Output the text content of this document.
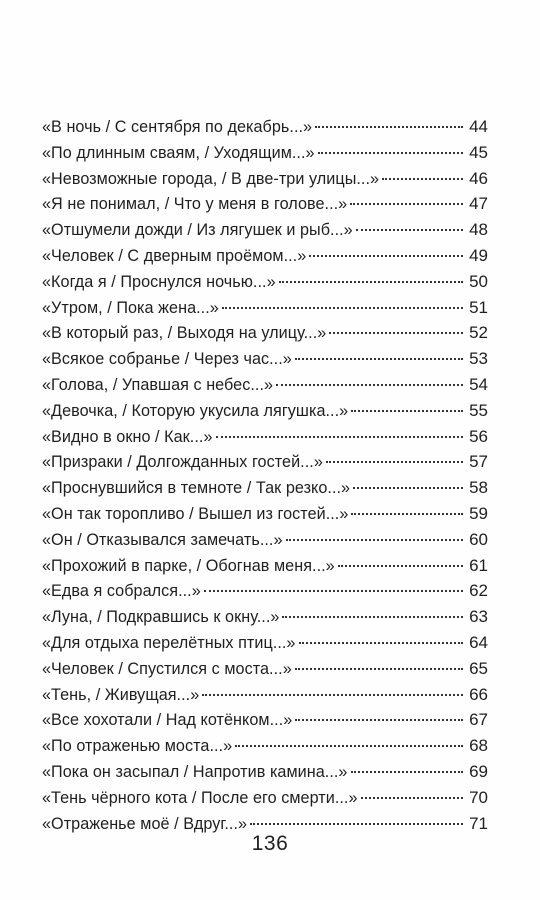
«В ночь / С сентября по декабрь...»	44
«По длинным сваям, / Уходящим...»	45
«Невозможные города, / В две-три улицы...»	46
«Я не понимал, / Что у меня в голове...»	47
«Отшумели дожди / Из лягушек и рыб...»	48
«Человек / С дверным проёмом...»	49
«Когда я / Проснулся ночью...»	50
«Утром, / Пока жена...»	51
«В который раз, / Выходя на улицу...»	52
«Всякое собранье / Через час...»	53
«Голова, / Упавшая с небес...»	54
«Девочка, / Которую укусила лягушка...»	55
«Видно в окно / Как...»	56
«Призраки / Долгожданных гостей...»	57
«Проснувшийся в темноте / Так резко...»	58
«Он так торопливо / Вышел из гостей...»	59
«Он / Отказывался замечать...»	60
«Прохожий в парке, / Обогнав меня...»	61
«Едва я собрался...»	62
«Луна, / Подкравшись к окну...»	63
«Для отдыха перелётных птиц...»	64
«Человек / Спустился с моста...»	65
«Тень, / Живущая...»	66
«Все хохотали / Над котёнком...»	67
«По отраженью моста...»	68
«Пока он засыпал / Напротив камина...»	69
«Тень чёрного кота / После его смерти...»	70
«Отраженье моё / Вдруг...»	71
136
